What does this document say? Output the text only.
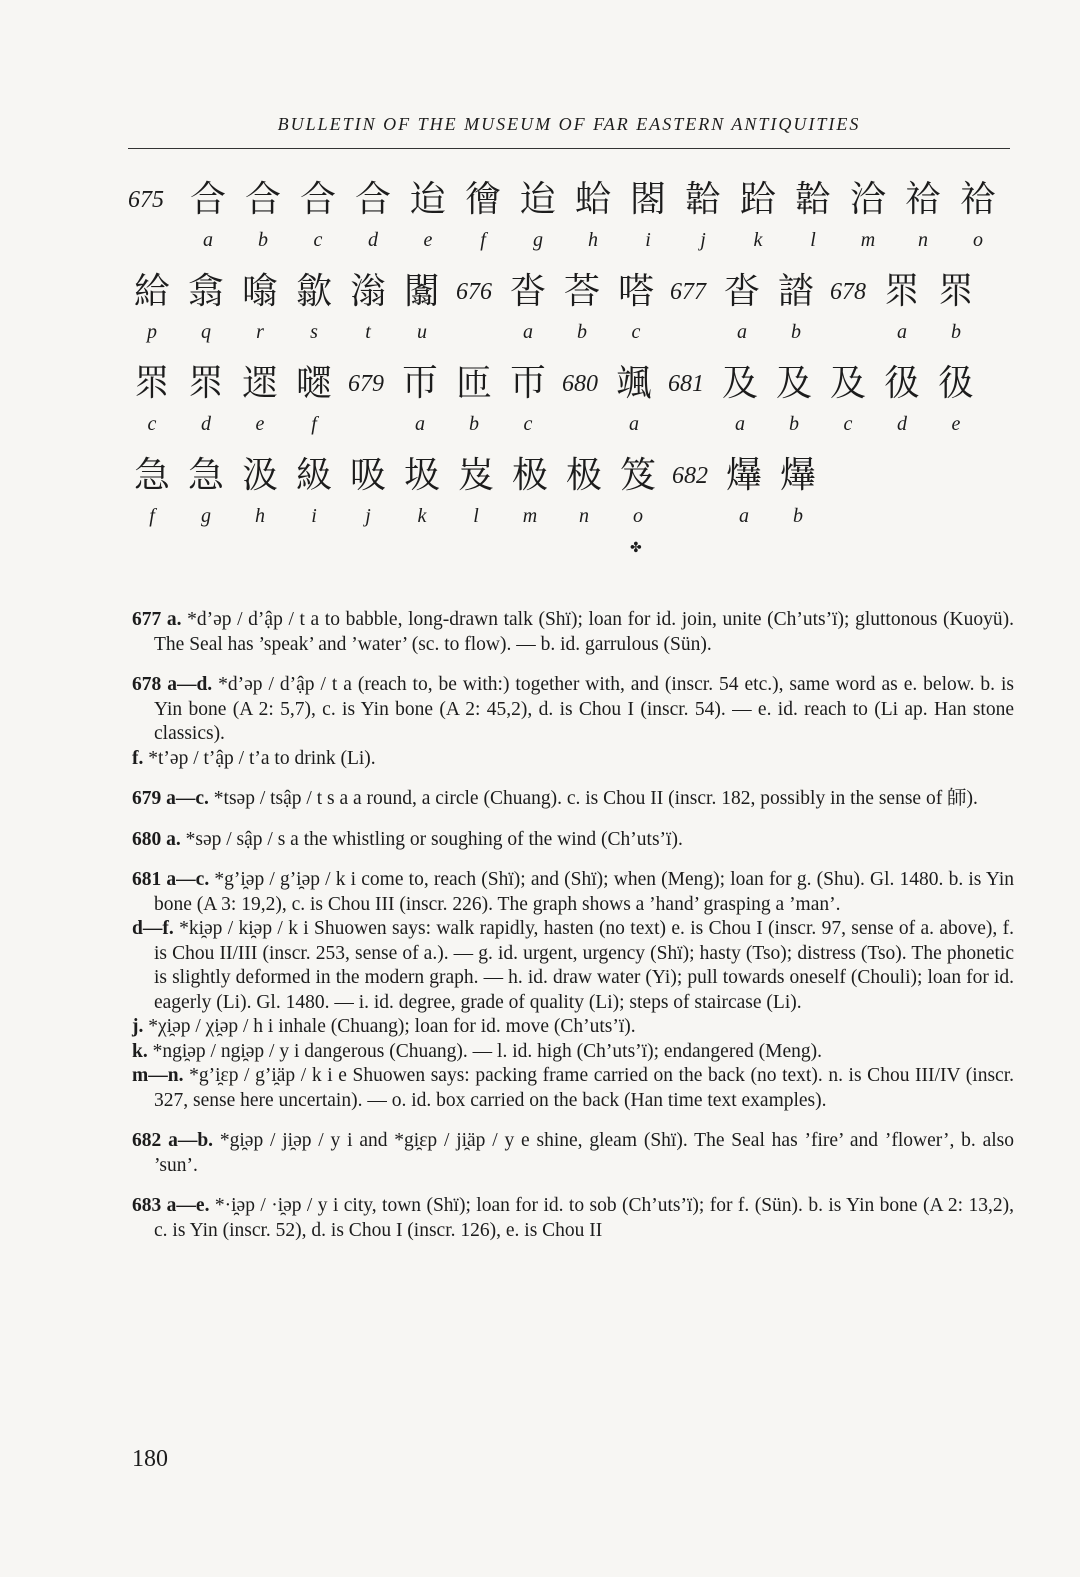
BULLETIN OF THE MUSEUM OF FAR EASTERN ANTIQUITIES
675 合
a
合
b
合
c
合
d
迨
e
徻
f
迨
g
蛤
h
閤
i
韐
j
跲
k
韐
l
洽
m
祫
n
祫
o
給
p
翕
q
噏
r
歙
s
滃
t
闟
u
676 沓
a
荅
b
嗒
c
677 沓
a
誻
b
678 眔
a
眔
b
眔
c
眔
d
遝
e
嚃
f
679 帀
a
匝
b
帀
c
680 颯
a
681 及
a
及
b
及
c
彶
d
彶
e
急
f
急
g
汲
h
級
i
吸
j
圾
k
岌
l
极
m
极
n
笈
o
682 爗
a
爗
b
✤
677 a. *d’əp / d’ập / t a to babble, long-drawn talk (Shï); loan for id. join, unite (Ch’uts’ï); gluttonous (Kuoyü). The Seal has ’speak’ and ’water’ (sc. to flow). — b. id. garrulous (Sün).
678 a—d. *d’əp / d’ập / t a (reach to, be with:) together with, and (inscr. 54 etc.), same word as e. below. b. is Yin bone (A 2: 5,7), c. is Yin bone (A 2: 45,2), d. is Chou I (inscr. 54). — e. id. reach to (Li ap. Han stone classics).
f. *t’əp / t’ập / t’a to drink (Li).
679 a—c. *tsəp / tsập / t s a a round, a circle (Chuang). c. is Chou II (inscr. 182, possibly in the sense of 師).
680 a. *səp / sập / s a the whistling or soughing of the wind (Ch’uts’ï).
681 a—c. *g’i̯əp / g’i̯əp / k i come to, reach (Shï); and (Shï); when (Meng); loan for g. (Shu). Gl. 1480. b. is Yin bone (A 3: 19,2), c. is Chou III (inscr. 226). The graph shows a ’hand’ grasping a ’man’.
d—f. *ki̯əp / ki̯əp / k i Shuowen says: walk rapidly, hasten (no text) e. is Chou I (inscr. 97, sense of a. above), f. is Chou II/III (inscr. 253, sense of a.). — g. id. urgent, urgency (Shï); hasty (Tso); distress (Tso). The phonetic is slightly deformed in the modern graph. — h. id. draw water (Yi); pull towards oneself (Chouli); loan for id. eagerly (Li). Gl. 1480. — i. id. degree, grade of quality (Li); steps of staircase (Li).
j. *χi̯əp / χi̯əp / h i inhale (Chuang); loan for id. move (Ch’uts’ï).
k. *ngi̯əp / ngi̯əp / y i dangerous (Chuang). — l. id. high (Ch’uts’ï); endangered (Meng).
m—n. *g’i̯ɛp / g’i̯äp / k i e Shuowen says: packing frame carried on the back (no text). n. is Chou III/IV (inscr. 327, sense here uncertain). — o. id. box carried on the back (Han time text examples).
682 a—b. *gi̯əp / ji̯əp / y i and *gi̯ɛp / ji̯äp / y e shine, gleam (Shï). The Seal has ’fire’ and ’flower’, b. also ’sun’.
683 a—e. *·i̯əp / ·i̯əp / y i city, town (Shï); loan for id. to sob (Ch’uts’ï); for f. (Sün). b. is Yin bone (A 2: 13,2), c. is Yin (inscr. 52), d. is Chou I (inscr. 126), e. is Chou II
180
